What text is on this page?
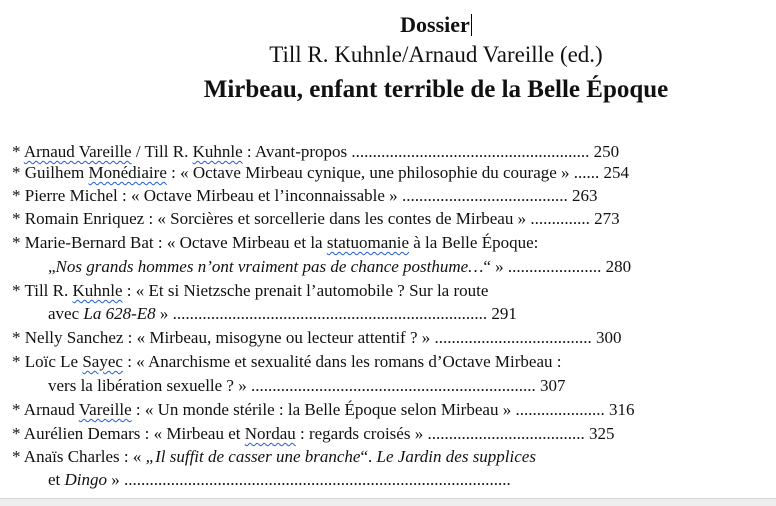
Dossier
Till R. Kuhnle/Arnaud Vareille (ed.)
Mirbeau, enfant terrible de la Belle Époque
* Arnaud Vareille / Till R. Kuhnle : Avant-propos ........................................................ 250
* Guilhem Monédiaire : « Octave Mirbeau cynique, une philosophie du courage » ...... 254
* Pierre Michel : « Octave Mirbeau et l’inconnaissable » ....................................... 263
* Romain Enriquez : « Sorcières et sorcellerie dans les contes de Mirbeau » .............. 273
* Marie-Bernard Bat : « Octave Mirbeau et la statuomanie à la Belle Époque:
„Nos grands hommes n’ont vraiment pas de chance posthume…“ » ...................... 280
* Till R. Kuhnle : « Et si Nietzsche prenait l’automobile ? Sur la route
avec La 628-E8 » .......................................................................... 291
* Nelly Sanchez : « Mirbeau, misogyne ou lecteur attentif ? » ..................................... 300
* Loïc Le Sayec : « Anarchisme et sexualité dans les romans d’Octave Mirbeau :
vers la libération sexuelle ? » ................................................................... 307
* Arnaud Vareille : « Un monde stérile : la Belle Époque selon Mirbeau » ..................... 316
* Aurélien Demars : « Mirbeau et Nordau : regards croisés » ..................................... 325
* Anaïs Charles : « „Il suffit de casser une branche“. Le Jardin des supplices
et Dingo » ...........................................................................................
